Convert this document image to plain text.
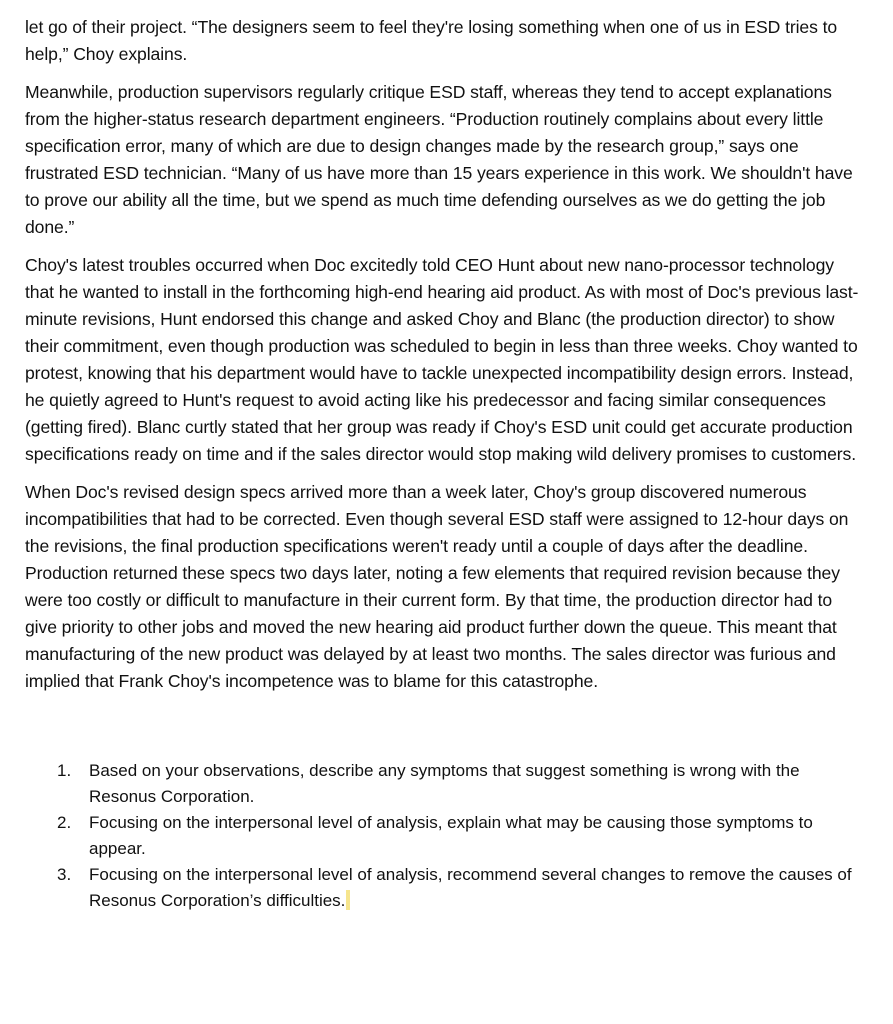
let go of their project. “The designers seem to feel they're losing something when one of us in ESD tries to help,” Choy explains.

Meanwhile, production supervisors regularly critique ESD staff, whereas they tend to accept explanations from the higher-status research department engineers. “Production routinely complains about every little specification error, many of which are due to design changes made by the research group,” says one frustrated ESD technician. “Many of us have more than 15 years experience in this work. We shouldn't have to prove our ability all the time, but we spend as much time defending ourselves as we do getting the job done.”

Choy's latest troubles occurred when Doc excitedly told CEO Hunt about new nano-processor technology that he wanted to install in the forthcoming high-end hearing aid product. As with most of Doc's previous last-minute revisions, Hunt endorsed this change and asked Choy and Blanc (the production director) to show their commitment, even though production was scheduled to begin in less than three weeks. Choy wanted to protest, knowing that his department would have to tackle unexpected incompatibility design errors. Instead, he quietly agreed to Hunt's request to avoid acting like his predecessor and facing similar consequences (getting fired). Blanc curtly stated that her group was ready if Choy's ESD unit could get accurate production specifications ready on time and if the sales director would stop making wild delivery promises to customers.

When Doc's revised design specs arrived more than a week later, Choy's group discovered numerous incompatibilities that had to be corrected. Even though several ESD staff were assigned to 12-hour days on the revisions, the final production specifications weren't ready until a couple of days after the deadline. Production returned these specs two days later, noting a few elements that required revision because they were too costly or difficult to manufacture in their current form. By that time, the production director had to give priority to other jobs and moved the new hearing aid product further down the queue. This meant that manufacturing of the new product was delayed by at least two months. The sales director was furious and implied that Frank Choy's incompetence was to blame for this catastrophe.

1. Based on your observations, describe any symptoms that suggest something is wrong with the Resonus Corporation.
2. Focusing on the interpersonal level of analysis, explain what may be causing those symptoms to appear.
3. Focusing on the interpersonal level of analysis, recommend several changes to remove the causes of Resonus Corporation’s difficulties.
